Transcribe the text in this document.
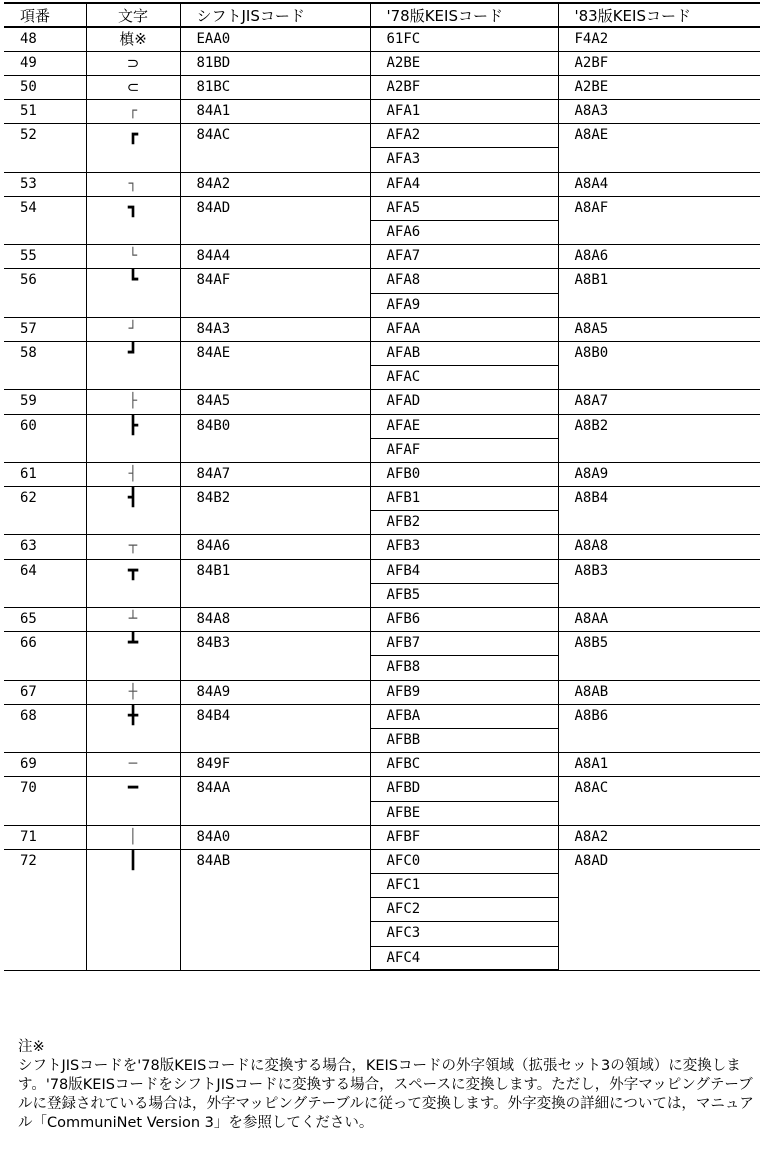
項番	文字	シフトJISコード	'78版KEISコード	'83版KEISコード
48	槙※	EAA0	61FC	F4A2
49	⊃	81BD	A2BE	A2BF
50	⊂	81BC	A2BF	A2BE
51	┌	84A1	AFA1	A8A3
52	┏	84AC	AFA2	A8AE
			AFA3	
53	┐	84A2	AFA4	A8A4
54	┓	84AD	AFA5	A8AF
			AFA6	
55	└	84A4	AFA7	A8A6
56	┗	84AF	AFA8	A8B1
			AFA9	
57	┘	84A3	AFAA	A8A5
58	┛	84AE	AFAB	A8B0
			AFAC	
59	├	84A5	AFAD	A8A7
60	┣	84B0	AFAE	A8B2
			AFAF	
61	┤	84A7	AFB0	A8A9
62	┫	84B2	AFB1	A8B4
			AFB2	
63	┬	84A6	AFB3	A8A8
64	┳	84B1	AFB4	A8B3
			AFB5	
65	┴	84A8	AFB6	A8AA
66	┻	84B3	AFB7	A8B5
			AFB8	
67	┼	84A9	AFB9	A8AB
68	╋	84B4	AFBA	A8B6
			AFBB	
69	─	849F	AFBC	A8A1
70	━	84AA	AFBD	A8AC
			AFBE	
71	│	84A0	AFBF	A8A2
72	┃	84AB	AFC0	A8AD
			AFC1	
			AFC2	
			AFC3	
			AFC4	
注※
シフトJISコードを'78版KEISコードに変換する場合，KEISコードの外字領域（拡張セット3の領域）に変換します。'78版KEISコードをシフトJISコードに変換する場合，スペースに変換します。ただし，外字マッピングテーブルに登録されている場合は，外字マッピングテーブルに従って変換します。外字変換の詳細については，マニュアル「CommuniNet Version 3」を参照してください。
